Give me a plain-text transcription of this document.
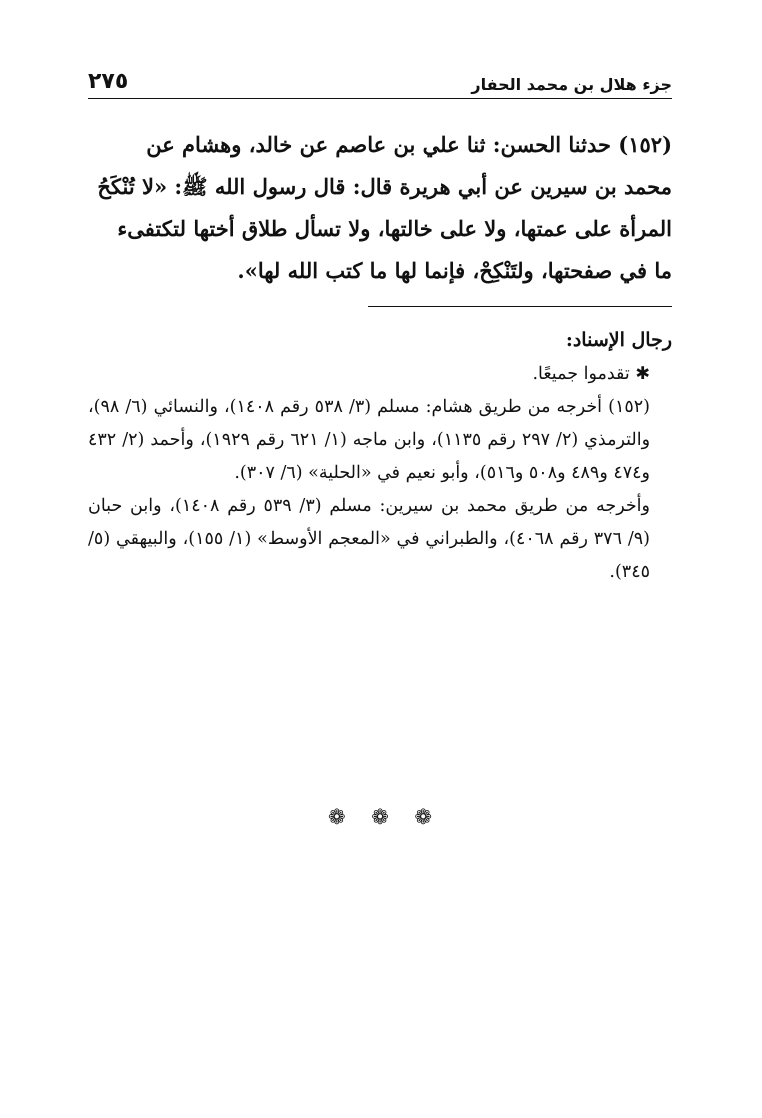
٢٧٥	جزء هلال بن محمد الحفار
(١٥٢) حدثنا الحسن: ثنا علي بن عاصم عن خالد، وهشام عن
محمد بن سيرين عن أبي هريرة قال: قال رسول الله ﷺ: «لا تُنْكَحُ
المرأة على عمتها، ولا على خالتها، ولا تسأل طلاق أختها لتكتفىء
ما في صفحتها، ولتَنْكِحْ، فإنما لها ما كتب الله لها».

رجال الإسناد:

✱ تقدموا جميعًا.

(١٥٢) أخرجه من طريق هشام: مسلم (٣/ ٥٣٨ رقم ١٤٠٨)، والنسائي (٦/ ٩٨)، والترمذي (٢/ ٢٩٧ رقم ١١٣٥)، وابن ماجه (١/ ٦٢١ رقم ١٩٢٩)، وأحمد (٢/ ٤٣٢ و٤٧٤ و٤٨٩ و٥٠٨ و٥١٦)، وأبو نعيم في «الحلية» (٦/ ٣٠٧).

وأخرجه من طريق محمد بن سيرين: مسلم (٣/ ٥٣٩ رقم ١٤٠٨)، وابن حبان (٩/ ٣٧٦ رقم ٤٠٦٨)، والطبراني في «المعجم الأوسط» (١/ ١٥٥)، والبيهقي (٥/ ٣٤٥).

❁ ❁ ❁
